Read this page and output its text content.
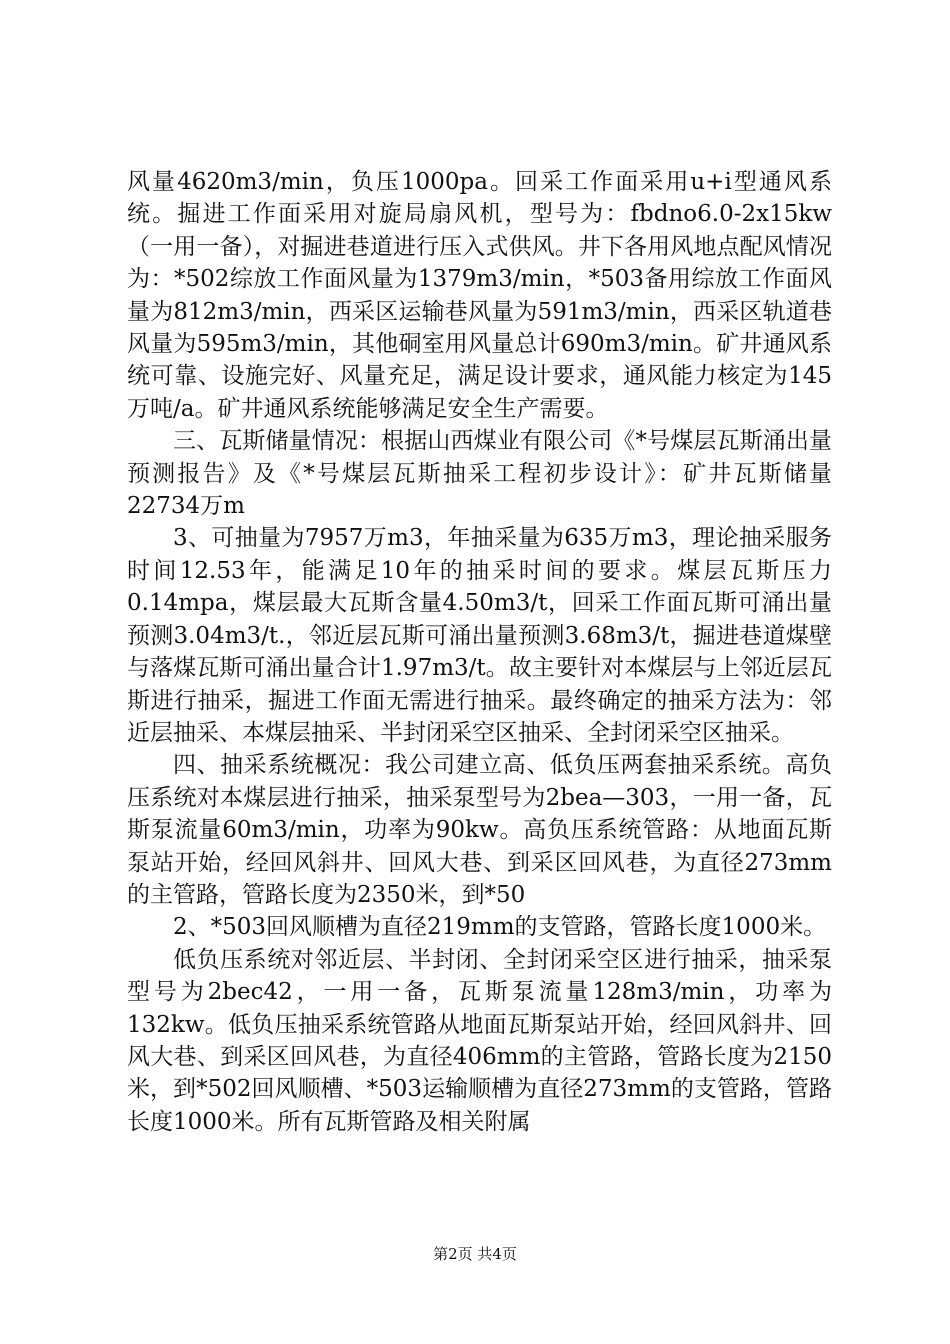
风量4620m3/min，负压1000pa。回采工作面采用u+i型通风系统。掘进工作面采用对旋局扇风机，型号为：fbdno6.0-2x15kw（一用一备），对掘进巷道进行压入式供风。井下各用风地点配风情况为：*502综放工作面风量为1379m3/min，*503备用综放工作面风量为812m3/min，西采区运输巷风量为591m3/min，西采区轨道巷风量为595m3/min，其他硐室用风量总计690m3/min。矿井通风系统可靠、设施完好、风量充足，满足设计要求，通风能力核定为145万吨/a。矿井通风系统能够满足安全生产需要。

三、瓦斯储量情况：根据山西煤业有限公司《*号煤层瓦斯涌出量预测报告》及《*号煤层瓦斯抽采工程初步设计》：矿井瓦斯储量22734万m

3、可抽量为7957万m3，年抽采量为635万m3，理论抽采服务时间12.53年，能满足10年的抽采时间的要求。煤层瓦斯压力0.14mpa，煤层最大瓦斯含量4.50m3/t，回采工作面瓦斯可涌出量预测3.04m3/t.，邻近层瓦斯可涌出量预测3.68m3/t，掘进巷道煤壁与落煤瓦斯可涌出量合计1.97m3/t。故主要针对本煤层与上邻近层瓦斯进行抽采，掘进工作面无需进行抽采。最终确定的抽采方法为：邻近层抽采、本煤层抽采、半封闭采空区抽采、全封闭采空区抽采。

四、抽采系统概况：我公司建立高、低负压两套抽采系统。高负压系统对本煤层进行抽采，抽采泵型号为2bea—303，一用一备，瓦斯泵流量60m3/min，功率为90kw。高负压系统管路：从地面瓦斯泵站开始，经回风斜井、回风大巷、到采区回风巷，为直径273mm的主管路，管路长度为2350米，到*50

2、*503回风顺槽为直径219mm的支管路，管路长度1000米。

低负压系统对邻近层、半封闭、全封闭采空区进行抽采，抽采泵型号为2bec42，一用一备，瓦斯泵流量128m3/min，功率为132kw。低负压抽采系统管路从地面瓦斯泵站开始，经回风斜井、回风大巷、到采区回风巷，为直径406mm的主管路，管路长度为2150米，到*502回风顺槽、*503运输顺槽为直径273mm的支管路，管路长度1000米。所有瓦斯管路及相关附属

第2页 共4页
